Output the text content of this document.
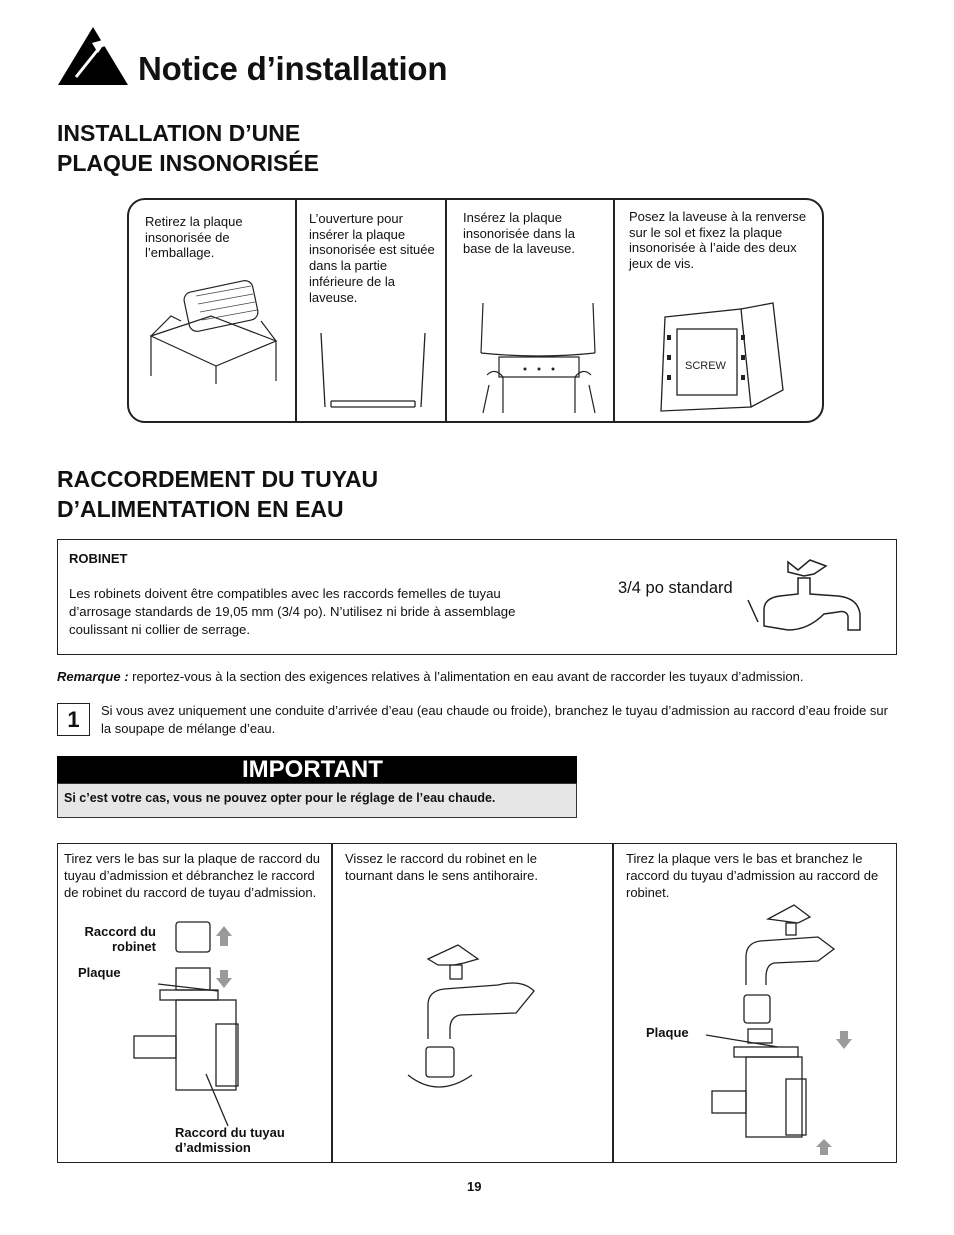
Notice d’installation
INSTALLATION D’UNE
PLAQUE INSONORISÉE
Retirez la plaque insonorisée de l’emballage.
L’ouverture pour insérer la plaque insonorisée est située dans la partie inférieure de la laveuse.
Insérez la plaque insonorisée dans la base de la laveuse.
Posez la laveuse à la renverse sur le sol et fixez la plaque insonorisée à l’aide des deux jeux de vis.
SCREW
RACCORDEMENT DU TUYAU
D’ALIMENTATION EN EAU
ROBINET
Les robinets doivent être compatibles avec les raccords femelles de tuyau d’arrosage standards de 19,05 mm (3/4 po). N’utilisez ni bride à assemblage coulissant ni collier de serrage.
3/4 po standard
Remarque : reportez-vous à la section des exigences relatives à l’alimentation en eau avant de raccorder les tuyaux d’admission.
1	Si vous avez uniquement une conduite d’arrivée d’eau (eau chaude ou froide), branchez le tuyau d’admission au raccord d’eau froide sur la soupape de mélange d’eau.
IMPORTANT
Si c’est votre cas, vous ne pouvez opter pour le réglage de l’eau chaude.
Tirez vers le bas sur la plaque de raccord du tuyau d’admission et débranchez le raccord de robinet du raccord de tuyau d’admission.
Vissez le raccord du robinet en le tournant dans le sens antihoraire.
Tirez la plaque vers le bas et branchez le raccord du tuyau d’admission au raccord de robinet.
Raccord du
robinet
Plaque
Raccord du tuyau
d’admission
Plaque
19
